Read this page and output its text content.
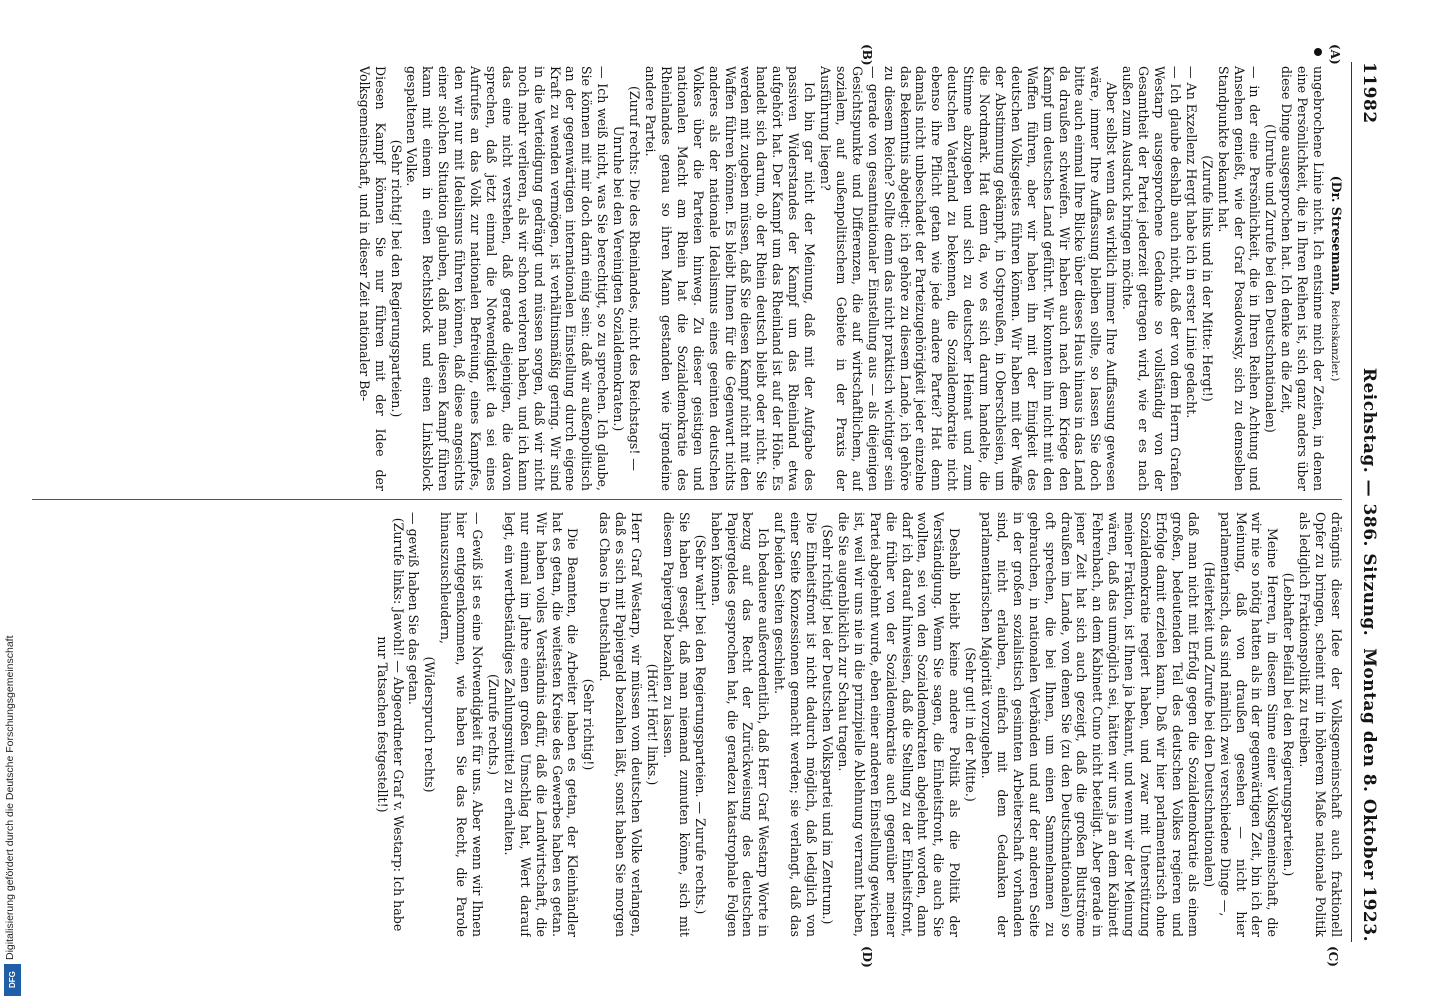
11982
Reichstag. — 386. Sitzung.
Montag den 8. Oktober 1923.
(A)
(B)
(C)
(D)

(Dr. Stresemann, Reichskanzler.)

ungebrochene Linie nicht. Ich entsinne mich der Zeiten, in denen eine Persönlichkeit, die in Ihren Reihen ist, sich ganz anders über diese Dinge ausgesprochen hat. Ich denke an die Zeit,

(Unruhe und Zurufe bei den Deutschnationalen)

— in der eine Persönlichkeit, die in Ihren Reihen Achtung und Ansehen genießt, wie der Graf Posadowsky, sich zu demselben Standpunkte bekannt hat.

(Zurufe links und in der Mitte: Hergt!)

— An Exzellenz Hergt habe ich in erster Linie gedacht.

— Ich glaube deshalb auch nicht, daß der von dem Herrn Grafen Westarp ausgesprochene Gedanke so vollständig von der Gesamtheit der Partei jederzeit getragen wird, wie er es nach außen zum Ausdruck bringen möchte.

Aber selbst wenn das wirklich immer Ihre Auffassung gewesen wäre, immer Ihre Auffassung bleiben sollte, so lassen Sie doch bitte auch einmal Ihre Blicke über dieses Haus hinaus in das Land da draußen schweifen. Wir haben auch nach dem Kriege den Kampf um deutsches Land geführt. Wir konnten ihn nicht mit den Waffen führen, aber wir haben ihn mit der Einigkeit des deutschen Volksgeistes führen können. Wir haben mit der Waffe der Abstimmung gekämpft, in Ostpreußen, in Oberschlesien, um die Nordmark. Hat denn da, wo es sich darum handelte, die Stimme abzugeben und sich zu deutscher Heimat und zum deutschen Vaterland zu bekennen, die Sozialdemokratie nicht ebenso ihre Pflicht getan wie jede andere Partei? Hat denn damals nicht unbeschadet der Parteizugehörigkeit jeder einzelne das Bekenntnis abgelegt: ich gehöre zu diesem Lande, ich gehöre zu diesem Reiche? Sollte denn das nicht praktisch wichtiger sein — gerade von gesamtnationaler Einstellung aus — als diejenigen Gesichtspunkte und Differenzen, die auf wirtschaftlichem, auf sozialem, auf außenpolitischem Gebiete in der Praxis der Ausführung liegen?

Ich bin gar nicht der Meinung, daß mit der Aufgabe des passiven Widerstandes der Kampf um das Rheinland etwa aufgehört hat. Der Kampf um das Rheinland ist auf der Höhe. Es handelt sich darum, ob der Rhein deutsch bleibt oder nicht. Sie werden mit zugeben müssen, daß Sie diesen Kampf nicht mit den Waffen führen können. Es bleibt Ihnen für die Gegenwart nichts anderes als der nationale Idealismus eines geeinten deutschen Volkes über die Parteien hinweg. Zu dieser geistigen und nationalen Macht am Rhein hat die Sozialdemokratie des Rheinlandes genau so ihren Mann gestanden wie irgendeine andere Partei.

(Zuruf rechts: Die des Rheinlandes, nicht des Reichstags! — Unruhe bei den Vereinigten Sozialdemokraten.)

— Ich weiß nicht, was Sie berechtigt, so zu sprechen. Ich glaube, Sie können mit mir doch darin einig sein: daß wir außenpolitisch an der gegenwärtigen internationalen Einstellung durch eigene Kraft zu wenden vermögen, ist verhältnismäßig gering. Wir sind in die Verteidigung gedrängt und müssen sorgen, daß wir nicht noch mehr verlieren, als wir schon verloren haben, und ich kann das eine nicht verstehen, daß gerade diejenigen, die davon sprechen, daß jetzt einmal die Notwendigkeit da sei eines Aufrufes an das Volk zur nationalen Befreiung, eines Kampfes, den wir nur mit Idealismus führen können, daß diese angesichts einer solchen Situation glauben, daß man diesen Kampf führen kann mit einem in einen Rechtsblock und einen Linksblock gespaltenen Volke.

(Sehr richtig! bei den Regierungsparteien.)

Diesen Kampf können Sie nur führen mit der Idee der Volksgemeinschaft, und in dieser Zeit nationaler Be-

drängnis dieser Idee der Volksgemeinschaft auch fraktionell Opfer zu bringen, scheint mir in höherem Maße nationale Politik als lediglich Fraktionspolitik zu treiben.

(Lebhafter Beifall bei den Regierungsparteien.)

Meine Herren, in diesem Sinne einer Volksgemeinschaft, die wir nie so nötig hatten als in der gegenwärtigen Zeit, bin ich der Meinung, daß von draußen gesehen — nicht hier parlamentarisch, das sind nämlich zwei verschiedene Dinge —,

(Heiterkeit und Zurufe bei den Deutschnationalen)

daß man nicht mit Erfolg gegen die Sozialdemokratie als einem großen, bedeutenden Teil des deutschen Volkes regieren und Erfolge damit erzielen kann. Daß wir hier parlamentarisch ohne Sozialdemokratie regiert haben, und zwar mit Unterstützung meiner Fraktion, ist Ihnen ja bekannt, und wenn wir der Meinung wären, daß das unmöglich sei, hätten wir uns ja an dem Kabinett Fehrenbach, an dem Kabinett Cuno nicht beteiligt. Aber gerade in jener Zeit hat sich auch gezeigt, daß die großen Blutströme draußen im Lande, von denen Sie (zu den Deutschnationalen) so oft sprechen, die bei Ihnen, um einen Sammelnamen zu gebrauchen, in nationalen Verbänden und auf der anderen Seite in der großen sozialistisch gesinnten Arbeiterschaft vorhanden sind, nicht erlauben, einfach mit dem Gedanken der parlamentarischen Majorität vorzugehen.

(Sehr gut! in der Mitte.)

Deshalb bleibt keine andere Politik als die Politik der Verständigung. Wenn Sie sagen, die Einheitsfront, die auch Sie wollten, sei von den Sozialdemokraten abgelehnt worden, dann darf ich darauf hinweisen, daß die Stellung zu der Einheitsfront, die früher von der Sozialdemokratie auch gegenüber meiner Partei abgelehnt wurde, eben einer anderen Einstellung gewichen ist, weil wir uns nie in die prinzipielle Ablehnung verrannt haben, die Sie augenblicklich zur Schau tragen.

(Sehr richtig! bei der Deutschen Volkspartei und im Zentrum.)

Die Einheitsfront ist nicht dadurch möglich, daß lediglich von einer Seite Konzessionen gemacht werden; sie verlangt, daß das auf beiden Seiten geschieht.

Ich bedauere außerordentlich, daß Herr Graf Westarp Worte in bezug auf das Recht der Zurückweisung des deutschen Papiergeldes gesprochen hat, die geradezu katastrophale Folgen haben können.

(Sehr wahr! bei den Regierungsparteien. — Zurufe rechts.)

Sie haben gesagt, daß man niemand zumuten könne, sich mit diesem Papiergeld bezahlen zu lassen.

(Hört! Hört! links.)

Herr Graf Westarp, wir müssen vom deutschen Volke verlangen, daß es sich mit Papiergeld bezahlen läßt, sonst haben Sie morgen das Chaos in Deutschland.

(Sehr richtig!)

Die Beamten, die Arbeiter haben es getan, der Kleinhändler hat es getan, die weitesten Kreise des Gewerbes haben es getan. Wir haben volles Verständnis dafür, daß die Landwirtschaft, die nur einmal im Jahre einen großen Umschlag hat, Wert darauf legt, ein wertbeständiges Zahlungsmittel zu erhalten.

(Zurufe rechts.)

— Gewiß ist es eine Notwendigkeit für uns. Aber wenn wir Ihnen hier entgegenkommen, wie haben Sie das Recht, die Parole hinauszuschleudern,

(Widerspruch rechts)

— gewiß haben Sie das getan.

(Zurufe links: Jawohl! — Abgeordneter Graf v. Westarp: Ich habe nur Tatsachen festgestellt!)

Digitalisierung gefördert durch die Deutsche Forschungsgemeinschaft
DFG
